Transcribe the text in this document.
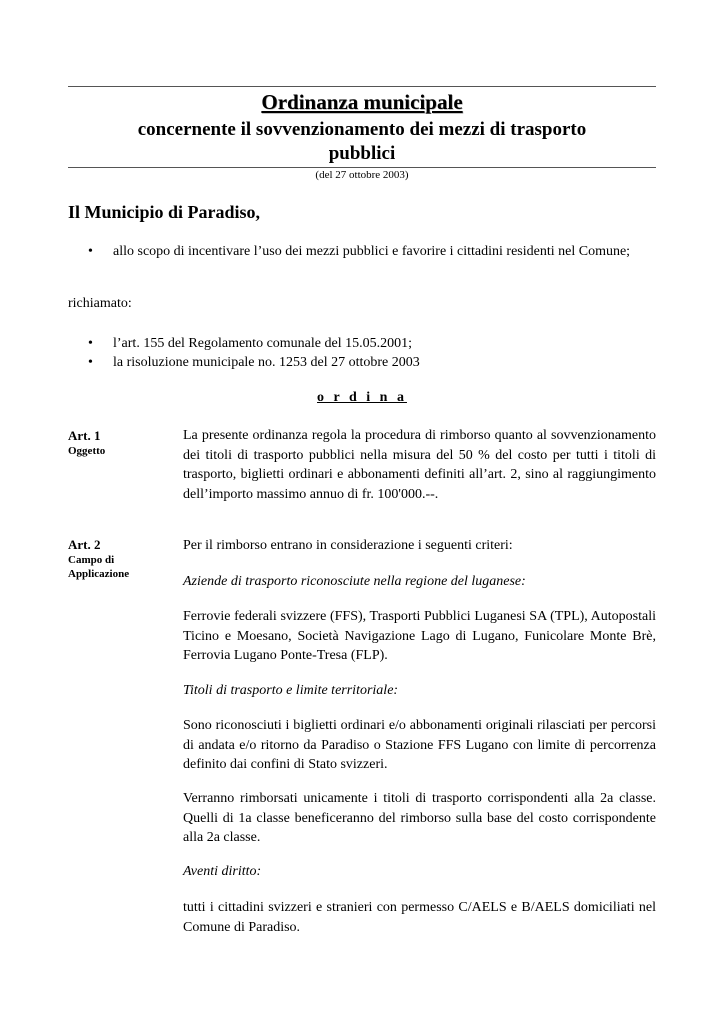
Ordinanza municipale
concernente il sovvenzionamento dei mezzi di trasporto
pubblici
(del 27 ottobre 2003)
Il Municipio di Paradiso,
• allo scopo di incentivare l’uso dei mezzi pubblici e favorire i cittadini residenti nel Comune;
richiamato:
• l’art. 155 del Regolamento comunale del 15.05.2001;
• la risoluzione municipale no. 1253 del 27 ottobre 2003
o r d i n a
Art. 1
Oggetto
La presente ordinanza regola la procedura di rimborso quanto al sovvenzionamento dei titoli di trasporto pubblici nella misura del 50 % del costo per tutti i titoli di trasporto, biglietti ordinari e abbonamenti definiti all’art. 2, sino al raggiungimento dell’importo massimo annuo di fr. 100'000.--.
Art. 2
Campo di
Applicazione
Per il rimborso entrano in considerazione i seguenti criteri:
Aziende di trasporto riconosciute nella regione del luganese:
Ferrovie federali svizzere (FFS), Trasporti Pubblici Luganesi SA (TPL), Autopostali Ticino e Moesano, Società Navigazione Lago di Lugano, Funicolare Monte Brè, Ferrovia Lugano Ponte-Tresa (FLP).
Titoli di trasporto e limite territoriale:
Sono riconosciuti i biglietti ordinari e/o abbonamenti originali rilasciati per percorsi di andata e/o ritorno da Paradiso o Stazione FFS Lugano con limite di percorrenza definito dai confini di Stato svizzeri.
Verranno rimborsati unicamente i titoli di trasporto corrispondenti alla 2a classe. Quelli di 1a classe beneficeranno del rimborso sulla base del costo corrispondente alla 2a classe.
Aventi diritto:
tutti i cittadini svizzeri e stranieri con permesso C/AELS e B/AELS domiciliati nel Comune di Paradiso.
